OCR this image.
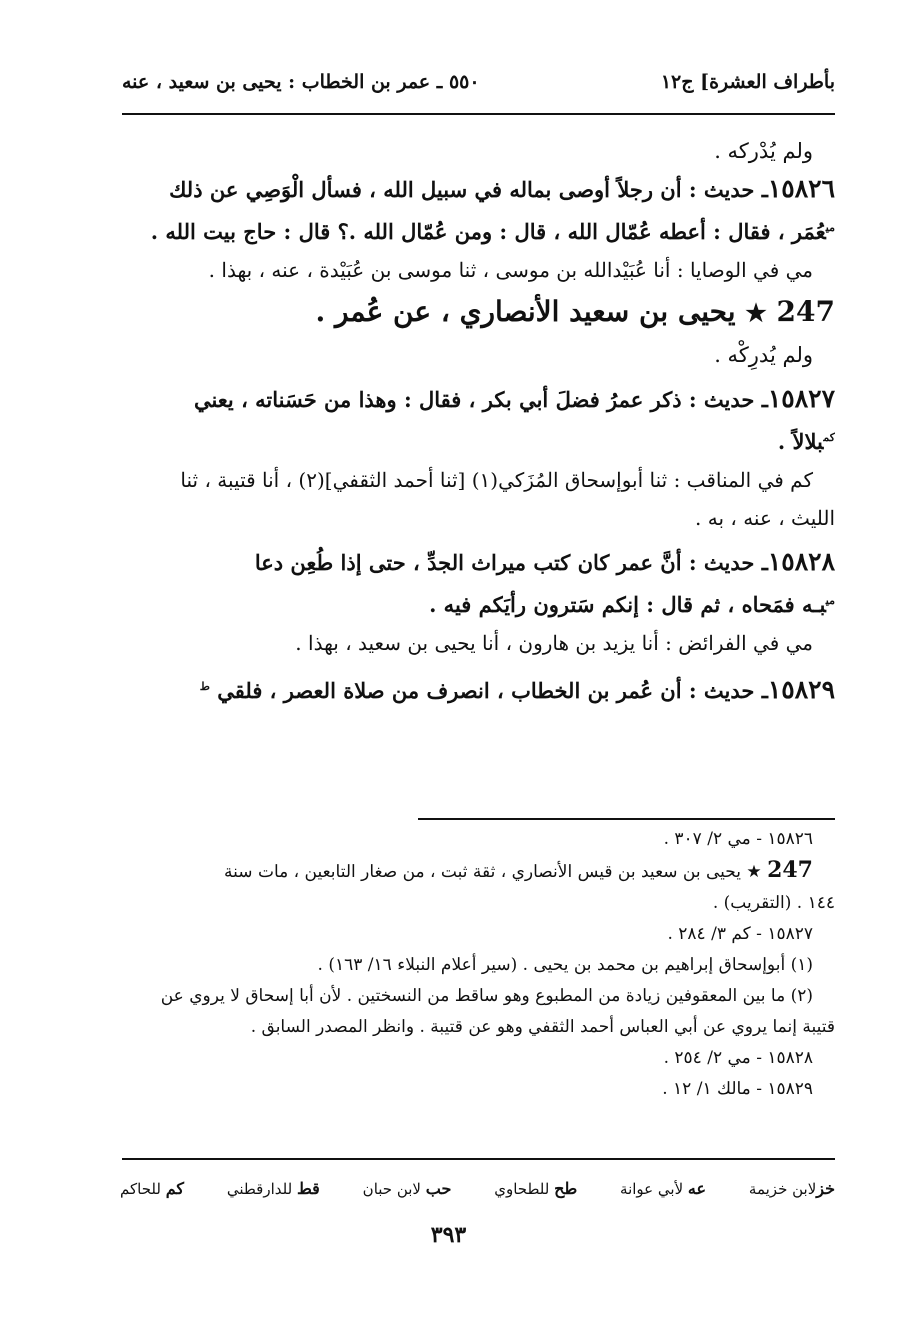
بأطراف العشرة] ج١٢
٥٥٠ ـ عمر بن الخطاب : يحيى بن سعيد ، عنه
ولم يُدْركه .
١٥٨٢٦ـ حديث : أن رجلاً أوصى بماله في سبيل الله ، فسأل الْوَصِي عن ذلك
$^{مي}$عُمَر ، فقال : أعطه عُمّال الله ، قال : ومن عُمّال الله .؟ قال : حاج بيت الله .
مي في الوصايا : أنا عُبَيْدالله بن موسى ، ثنا موسى بن عُبَيْدة ، عنه ، بهذا .
247 ★ يحيى بن سعيد الأنصاري ، عن عُمر .
ولم يُدرِكْه .
١٥٨٢٧ـ حديث : ذكر عمرُ فضلَ أبي بكر ، فقال : وهذا من حَسَناته ، يعني
$^{كم}$بلالاً .
كم في المناقب : ثنا أبوإسحاق المُزَكي(١) [ثنا أحمد الثقفي](٢) ، أنا قتيبة ، ثنا
الليث ، عنه ، به .
١٥٨٢٨ـ حديث : أنَّ عمر كان كتب ميراث الجدِّ ، حتى إذا طُعِن دعا
$^{مي}$بـه فمَحاه ، ثم قال : إنكم سَترون رأيَكم فيه .
مي في الفرائض : أنا يزيد بن هارون ، أنا يحيى بن سعيد ، بهذا .
١٥٨٢٩ـ حديث : أن عُمر بن الخطاب ، انصرف من صلاة العصر ، فلقي $^ط$
١٥٨٢٦ - مي ٢/ ٣٠٧ .
247 ★ يحيى بن سعيد بن قيس الأنصاري ، ثقة ثبت ، من صغار التابعين ، مات سنة
١٤٤ . (التقريب) .
١٥٨٢٧ - كم ٣/ ٢٨٤ .
(١) أبوإسحاق إبراهيم بن محمد بن يحيى . (سير أعلام النبلاء ١٦/ ١٦٣) .
(٢) ما بين المعقوفين زيادة من المطبوع وهو ساقط من النسختين . لأن أبا إسحاق لا يروي عن
قتيبة إنما يروي عن أبي العباس أحمد الثقفي وهو عن قتيبة . وانظر المصدر السابق .
١٥٨٢٨ - مي ٢/ ٢٥٤ .
١٥٨٢٩ - مالك ١/ ١٢ .
خزلابن خزيمة
عه لأبي عوانة
طح للطحاوي
حب لابن حبان
قط للدارقطني
كم للحاكم
٣٩٣
